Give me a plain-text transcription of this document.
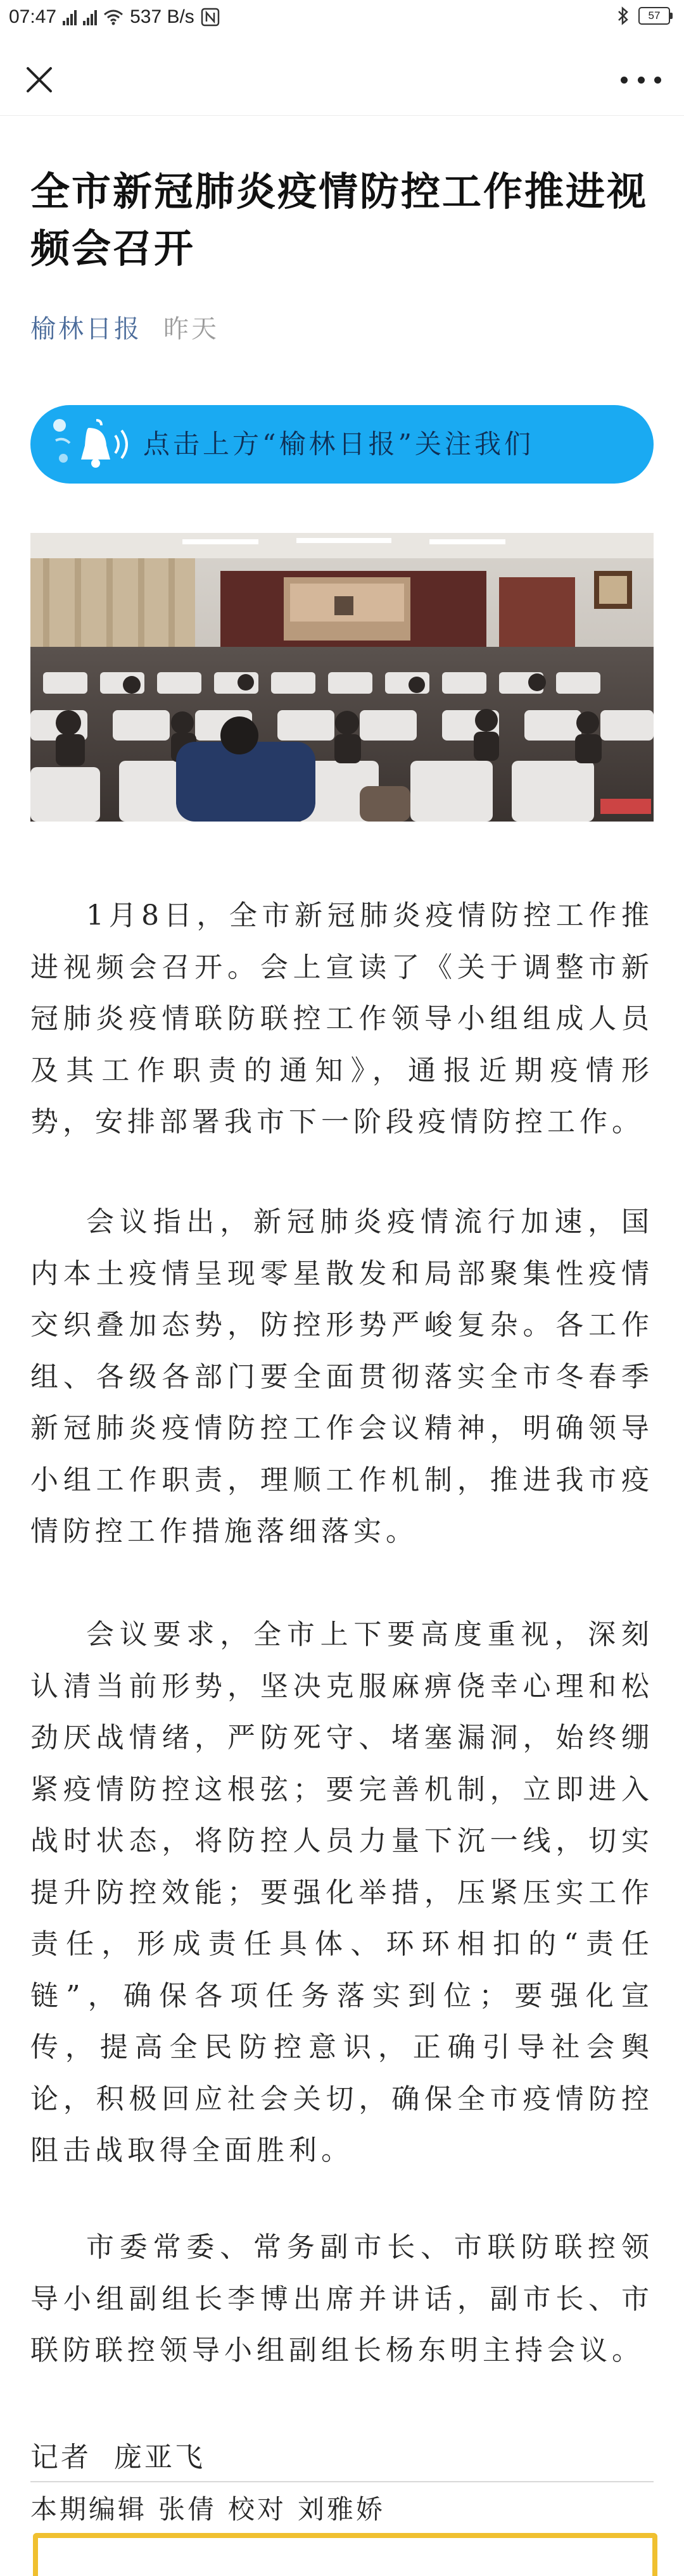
07:47	537 B/s	57
全市新冠肺炎疫情防控工作推进视频会召开
榆林日报 昨天
点击上方“榆林日报”关注我们

1月8日，全市新冠肺炎疫情防控工作推进视频会召开。会上宣读了《关于调整市新冠肺炎疫情联防联控工作领导小组组成人员及其工作职责的通知》，通报近期疫情形势，安排部署我市下一阶段疫情防控工作。

会议指出，新冠肺炎疫情流行加速，国内本土疫情呈现零星散发和局部聚集性疫情交织叠加态势，防控形势严峻复杂。各工作组、各级各部门要全面贯彻落实全市冬春季新冠肺炎疫情防控工作会议精神，明确领导小组工作职责，理顺工作机制，推进我市疫情防控工作措施落细落实。

会议要求，全市上下要高度重视，深刻认清当前形势，坚决克服麻痹侥幸心理和松劲厌战情绪，严防死守、堵塞漏洞，始终绷紧疫情防控这根弦；要完善机制，立即进入战时状态，将防控人员力量下沉一线，切实提升防控效能；要强化举措，压紧压实工作责任，形成责任具体、环环相扣的“责任链”，确保各项任务落实到位；要强化宣传，提高全民防控意识，正确引导社会舆论，积极回应社会关切，确保全市疫情防控阻击战取得全面胜利。

市委常委、常务副市长、市联防联控领导小组副组长李博出席并讲话，副市长、市联防联控领导小组副组长杨东明主持会议。

记者 庞亚飞
本期编辑 张倩 校对 刘雅娇
